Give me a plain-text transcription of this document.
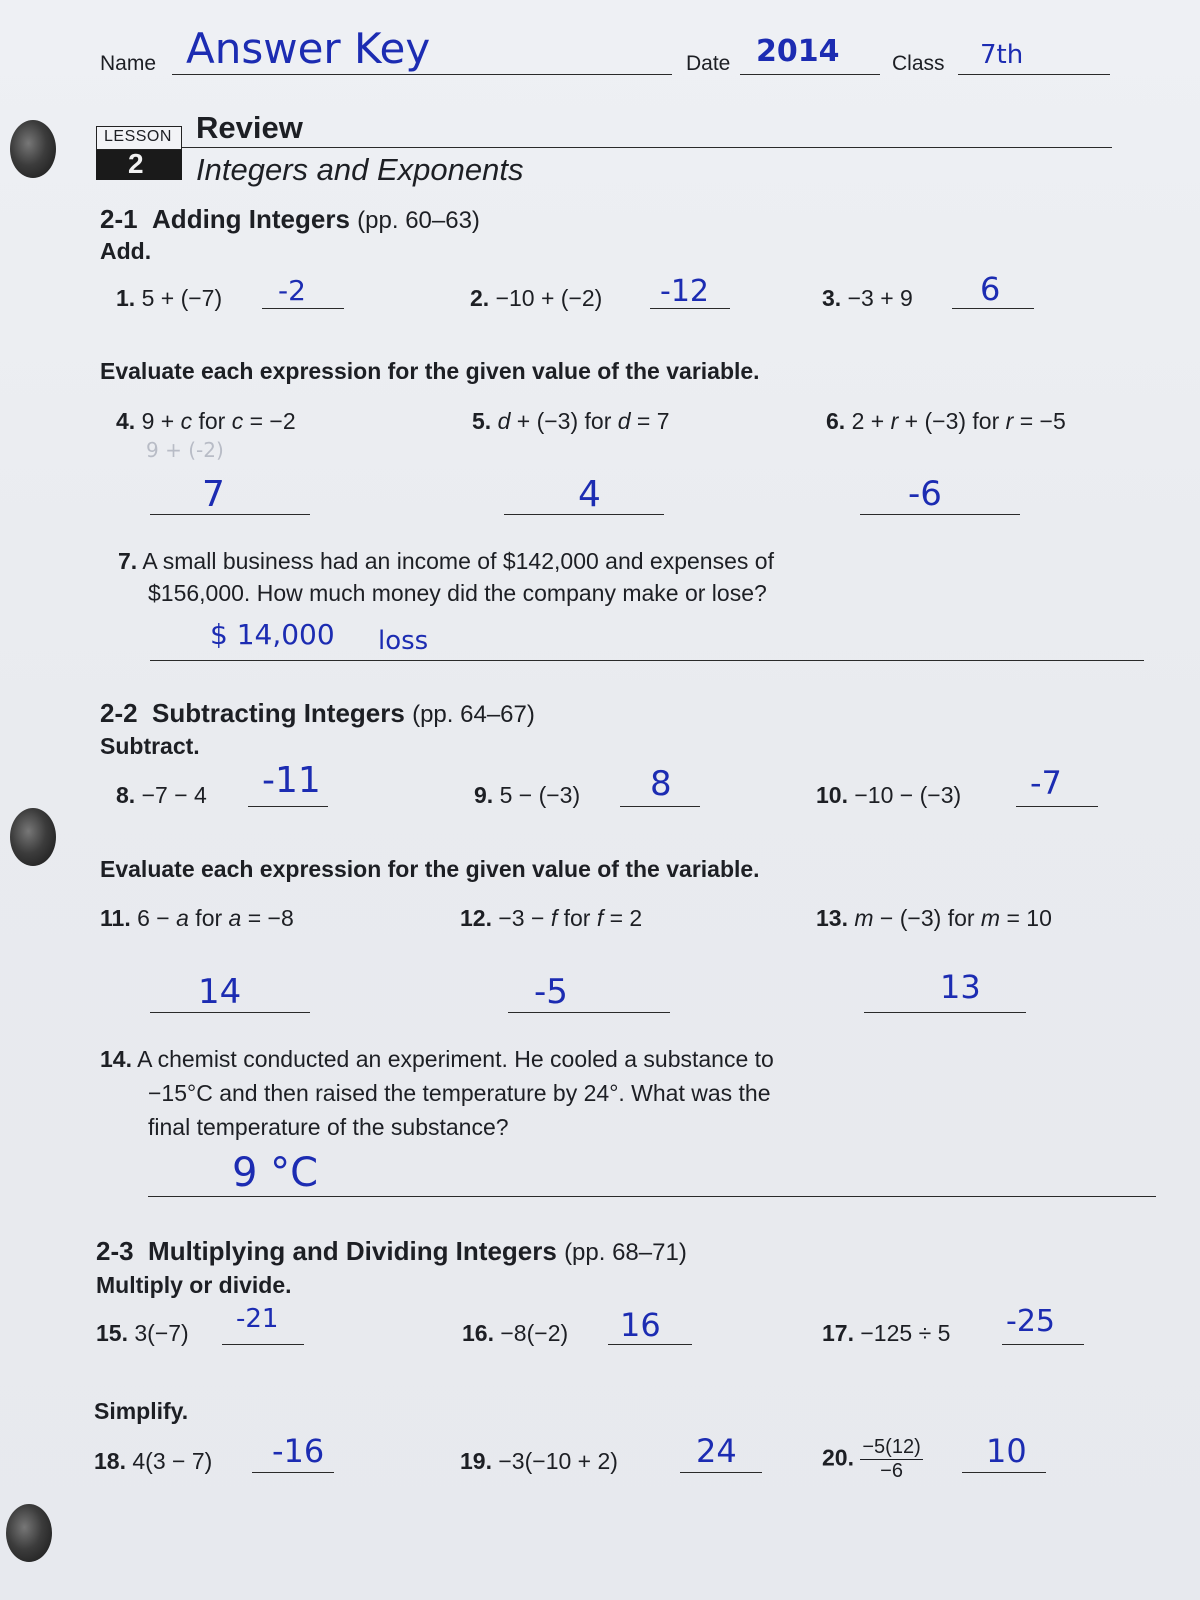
Name Answer Key	Date 2014	Class 7th
LESSON
2
Review
Integers and Exponents
2-1 Adding Integers (pp. 60–63)
Add.
1. 5 + (−7) -2	2. −10 + (−2) -12	3. −3 + 9 6
Evaluate each expression for the given value of the variable.
4. 9 + c for c = −2
9 + (-2)
7
5. d + (−3) for d = 7
4
6. 2 + r + (−3) for r = −5
-6
7. A small business had an income of $142,000 and expenses of
$156,000. How much money did the company make or lose?
$ 14,000 loss
2-2 Subtracting Integers (pp. 64–67)
Subtract.
8. −7 − 4 -11	9. 5 − (−3) 8	10. −10 − (−3) -7
Evaluate each expression for the given value of the variable.
11. 6 − a for a = −8
14
12. −3 − f for f = 2
-5
13. m − (−3) for m = 10
13
14. A chemist conducted an experiment. He cooled a substance to
−15°C and then raised the temperature by 24°. What was the
final temperature of the substance?
9 °C
2-3 Multiplying and Dividing Integers (pp. 68–71)
Multiply or divide.
15. 3(−7) -21	16. −8(−2) 16	17. −125 ÷ 5 -25
Simplify.
18. 4(3 − 7) -16	19. −3(−10 + 2) 24	20. $\frac{-5(12)}{-6} 10$
